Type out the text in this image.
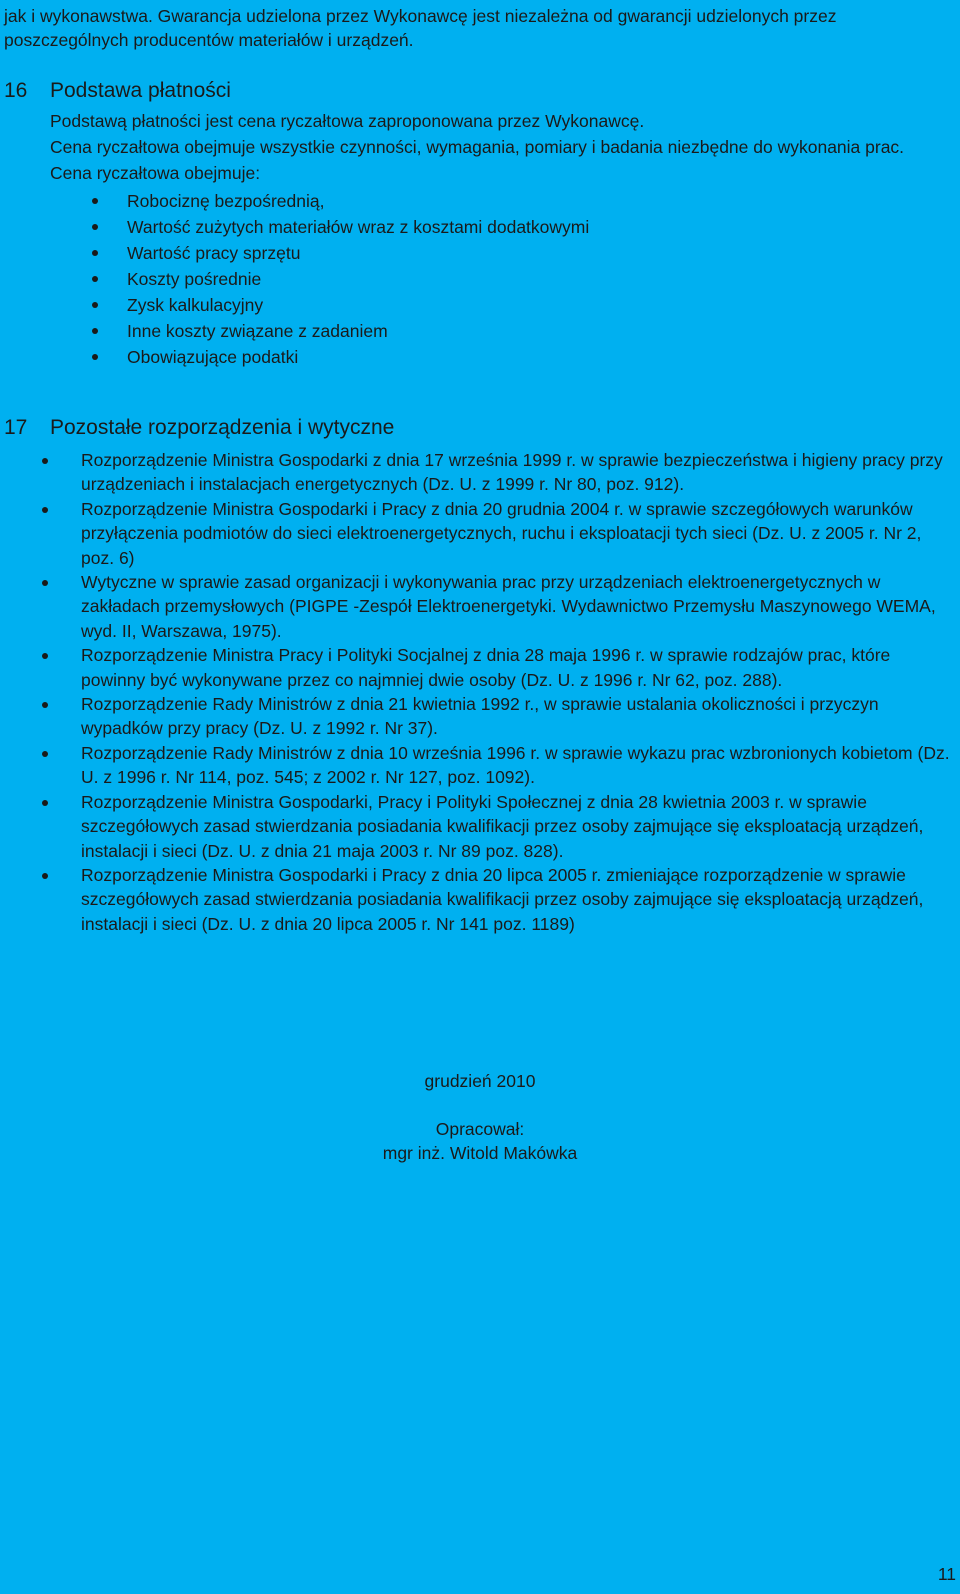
jak i wykonawstwa. Gwarancja udzielona przez Wykonawcę jest niezależna od gwarancji udzielonych przez poszczególnych producentów materiałów i urządzeń.

16 Podstawa płatności
Podstawą płatności jest cena ryczałtowa zaproponowana przez Wykonawcę.

Cena ryczałtowa obejmuje wszystkie czynności, wymagania, pomiary i badania niezbędne do wykonania prac.

Cena ryczałtowa obejmuje:
Robociznę bezpośrednią,
Wartość zużytych materiałów wraz z kosztami dodatkowymi
Wartość pracy sprzętu
Koszty pośrednie
Zysk kalkulacyjny
Inne koszty związane z zadaniem
Obowiązujące podatki
17 Pozostałe rozporządzenia i wytyczne
Rozporządzenie Ministra Gospodarki z dnia 17 września 1999 r. w sprawie bezpieczeństwa i higieny pracy przy urządzeniach i instalacjach energetycznych (Dz. U. z 1999 r. Nr 80, poz. 912).
Rozporządzenie Ministra Gospodarki i Pracy z dnia 20 grudnia 2004 r. w sprawie szczegółowych warunków przyłączenia podmiotów do sieci elektroenergetycznych, ruchu i eksploatacji tych sieci (Dz. U. z 2005 r. Nr 2, poz. 6)
Wytyczne w sprawie zasad organizacji i wykonywania prac przy urządzeniach elektroenergetycznych w zakładach przemysłowych (PIGPE -Zespół Elektroenergetyki. Wydawnictwo Przemysłu Maszynowego WEMA, wyd. II, Warszawa, 1975).
Rozporządzenie Ministra Pracy i Polityki Socjalnej z dnia 28 maja 1996 r. w sprawie rodzajów prac, które powinny być wykonywane przez co najmniej dwie osoby (Dz. U. z 1996 r. Nr 62, poz. 288).
Rozporządzenie Rady Ministrów z dnia 21 kwietnia 1992 r., w sprawie ustalania okoliczności i przyczyn wypadków przy pracy (Dz. U. z 1992 r. Nr 37).
Rozporządzenie Rady Ministrów z dnia 10 września 1996 r. w sprawie wykazu prac wzbronionych kobietom (Dz. U. z 1996 r. Nr 114, poz. 545; z 2002 r. Nr 127, poz. 1092).
Rozporządzenie Ministra Gospodarki, Pracy i Polityki Społecznej z dnia 28 kwietnia 2003 r. w sprawie szczegółowych zasad stwierdzania posiadania kwalifikacji przez osoby zajmujące się eksploatacją urządzeń, instalacji i sieci (Dz. U. z dnia 21 maja 2003 r. Nr 89 poz. 828).
Rozporządzenie Ministra Gospodarki i Pracy z dnia 20 lipca 2005 r. zmieniające rozporządzenie w sprawie szczegółowych zasad stwierdzania posiadania kwalifikacji przez osoby zajmujące się eksploatacją urządzeń, instalacji i sieci (Dz. U. z dnia 20 lipca 2005 r. Nr 141 poz. 1189)
grudzień 2010
Opracował:
mgr inż. Witold Makówka
11
